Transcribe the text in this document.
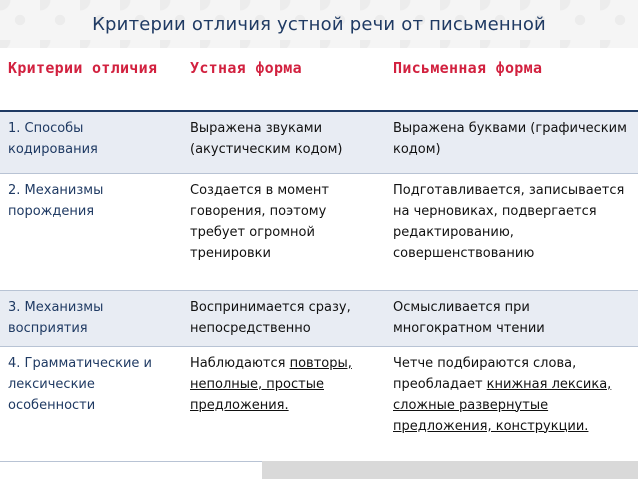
Критерии отличия устной речи от письменной
Критерии отличия	Устная форма	Письменная форма
1. Способы кодирования	Выражена звуками (акустическим кодом)	Выражена буквами (графическим кодом)
2. Механизмы порождения	Создается в момент говорения, поэтому требует огромной тренировки	Подготавливается, записывается на черновиках, подвергается редактированию, совершенствованию
3. Механизмы восприятия	Воспринимается сразу, непосредственно	Осмысливается при многократном чтении
4. Грамматические и лексические особенности	Наблюдаются повторы, неполные, простые предложения.	Четче подбираются слова, преобладает книжная лексика, сложные развернутые предложения, конструкции.
